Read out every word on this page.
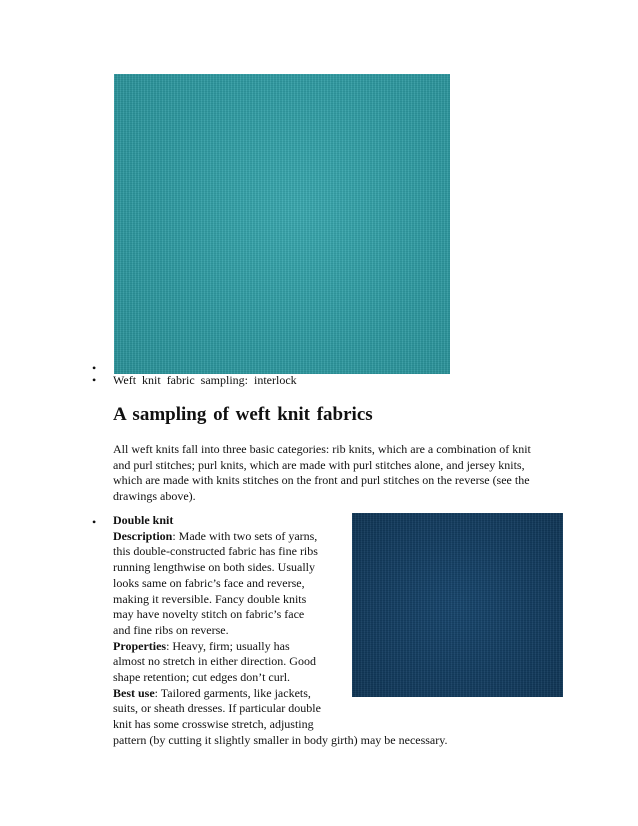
•
• Weft knit fabric sampling: interlock
A sampling of weft knit fabrics
All weft knits fall into three basic categories: rib knits, which are a combination of knit
and purl stitches; purl knits, which are made with purl stitches alone, and jersey knits,
which are made with knits stitches on the front and purl stitches on the reverse (see the
drawings above).
• Double knit
Description: Made with two sets of yarns,
this double-constructed fabric has fine ribs
running lengthwise on both sides. Usually
looks same on fabric’s face and reverse,
making it reversible. Fancy double knits
may have novelty stitch on fabric’s face
and fine ribs on reverse.
Properties: Heavy, firm; usually has
almost no stretch in either direction. Good
shape retention; cut edges don’t curl.
Best use: Tailored garments, like jackets,
suits, or sheath dresses. If particular double
knit has some crosswise stretch, adjusting
pattern (by cutting it slightly smaller in body girth) may be necessary.
